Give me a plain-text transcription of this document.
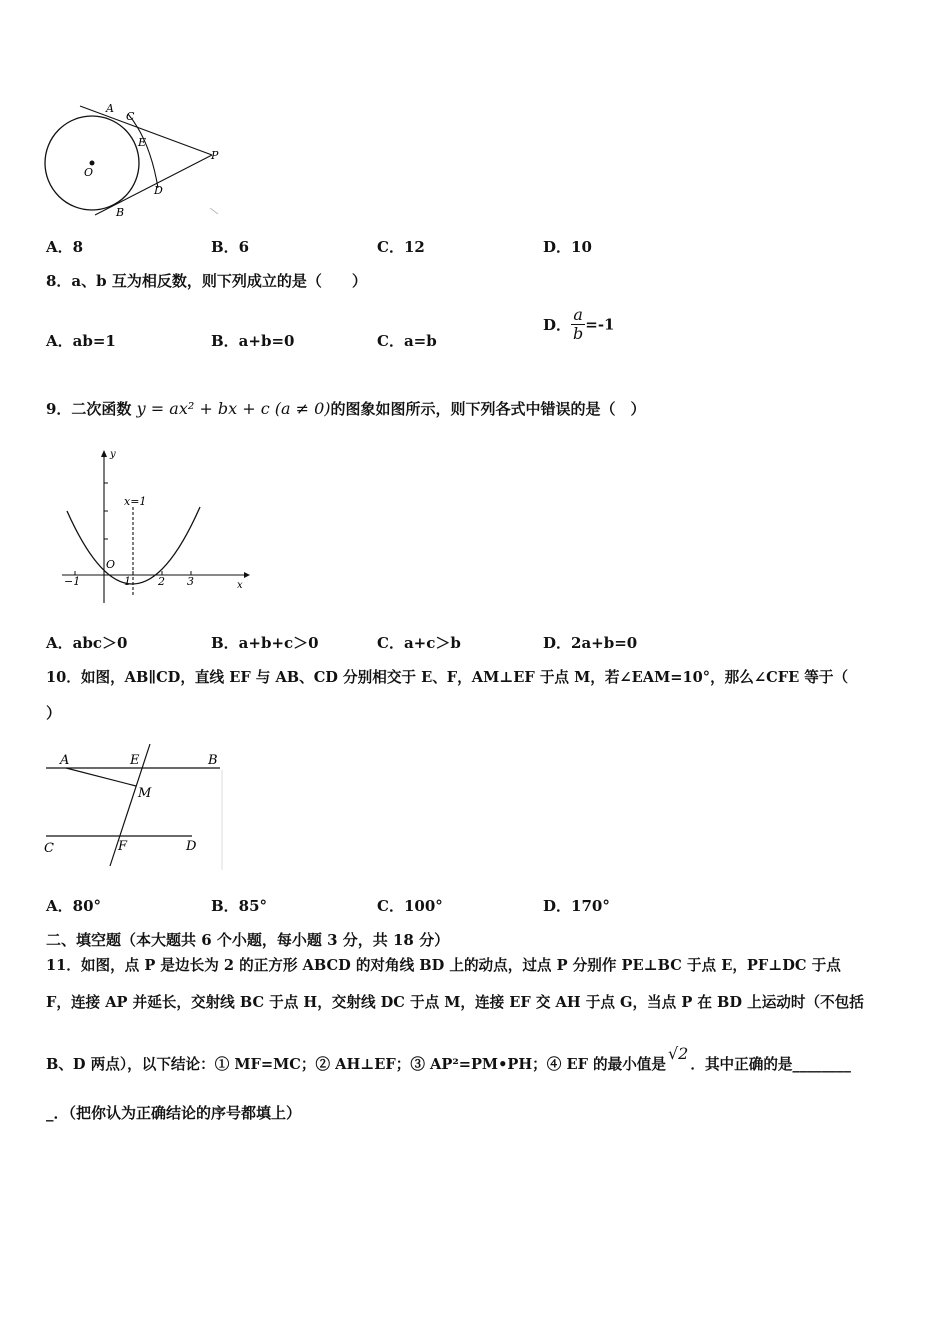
A
C
E
P
O
D
B
A．8	B．6	C．12	D．10
8．a、b 互为相反数，则下列成立的是（　　）
A．ab=1	B．a+b=0	C．a=b
D． $\frac{a}{b} =-1$
9．二次函数 y = ax² + bx + c (a ≠ 0)的图象如图所示，则下列各式中错误的是（　）
y
x
x=1
O
−1	1 2 3
A．abc＞0	B．a+b+c＞0	C．a+c＞b	D．2a+b=0
10．如图，AB∥CD，直线 EF 与 AB、CD 分别相交于 E、F，AM⊥EF 于点 M，若∠EAM=10°，那么∠CFE 等于（
）
A	E	B
M
C	F	D
A．80°	B．85°	C．100°	D．170°
二、填空题（本大题共 6 个小题，每小题 3 分，共 18 分）
11．如图，点 P 是边长为 2 的正方形 ABCD 的对角线 BD 上的动点，过点 P 分别作 PE⊥BC 于点 E，PF⊥DC 于点
F，连接 AP 并延长，交射线 BC 于点 H，交射线 DC 于点 M，连接 EF 交 AH 于点 G，当点 P 在 BD 上运动时（不包括
B、D 两点），以下结论：① MF=MC；② AH⊥EF；③ AP²=PM•PH；④ EF 的最小值是√2．其中正确的是________
_．（把你认为正确结论的序号都填上）
